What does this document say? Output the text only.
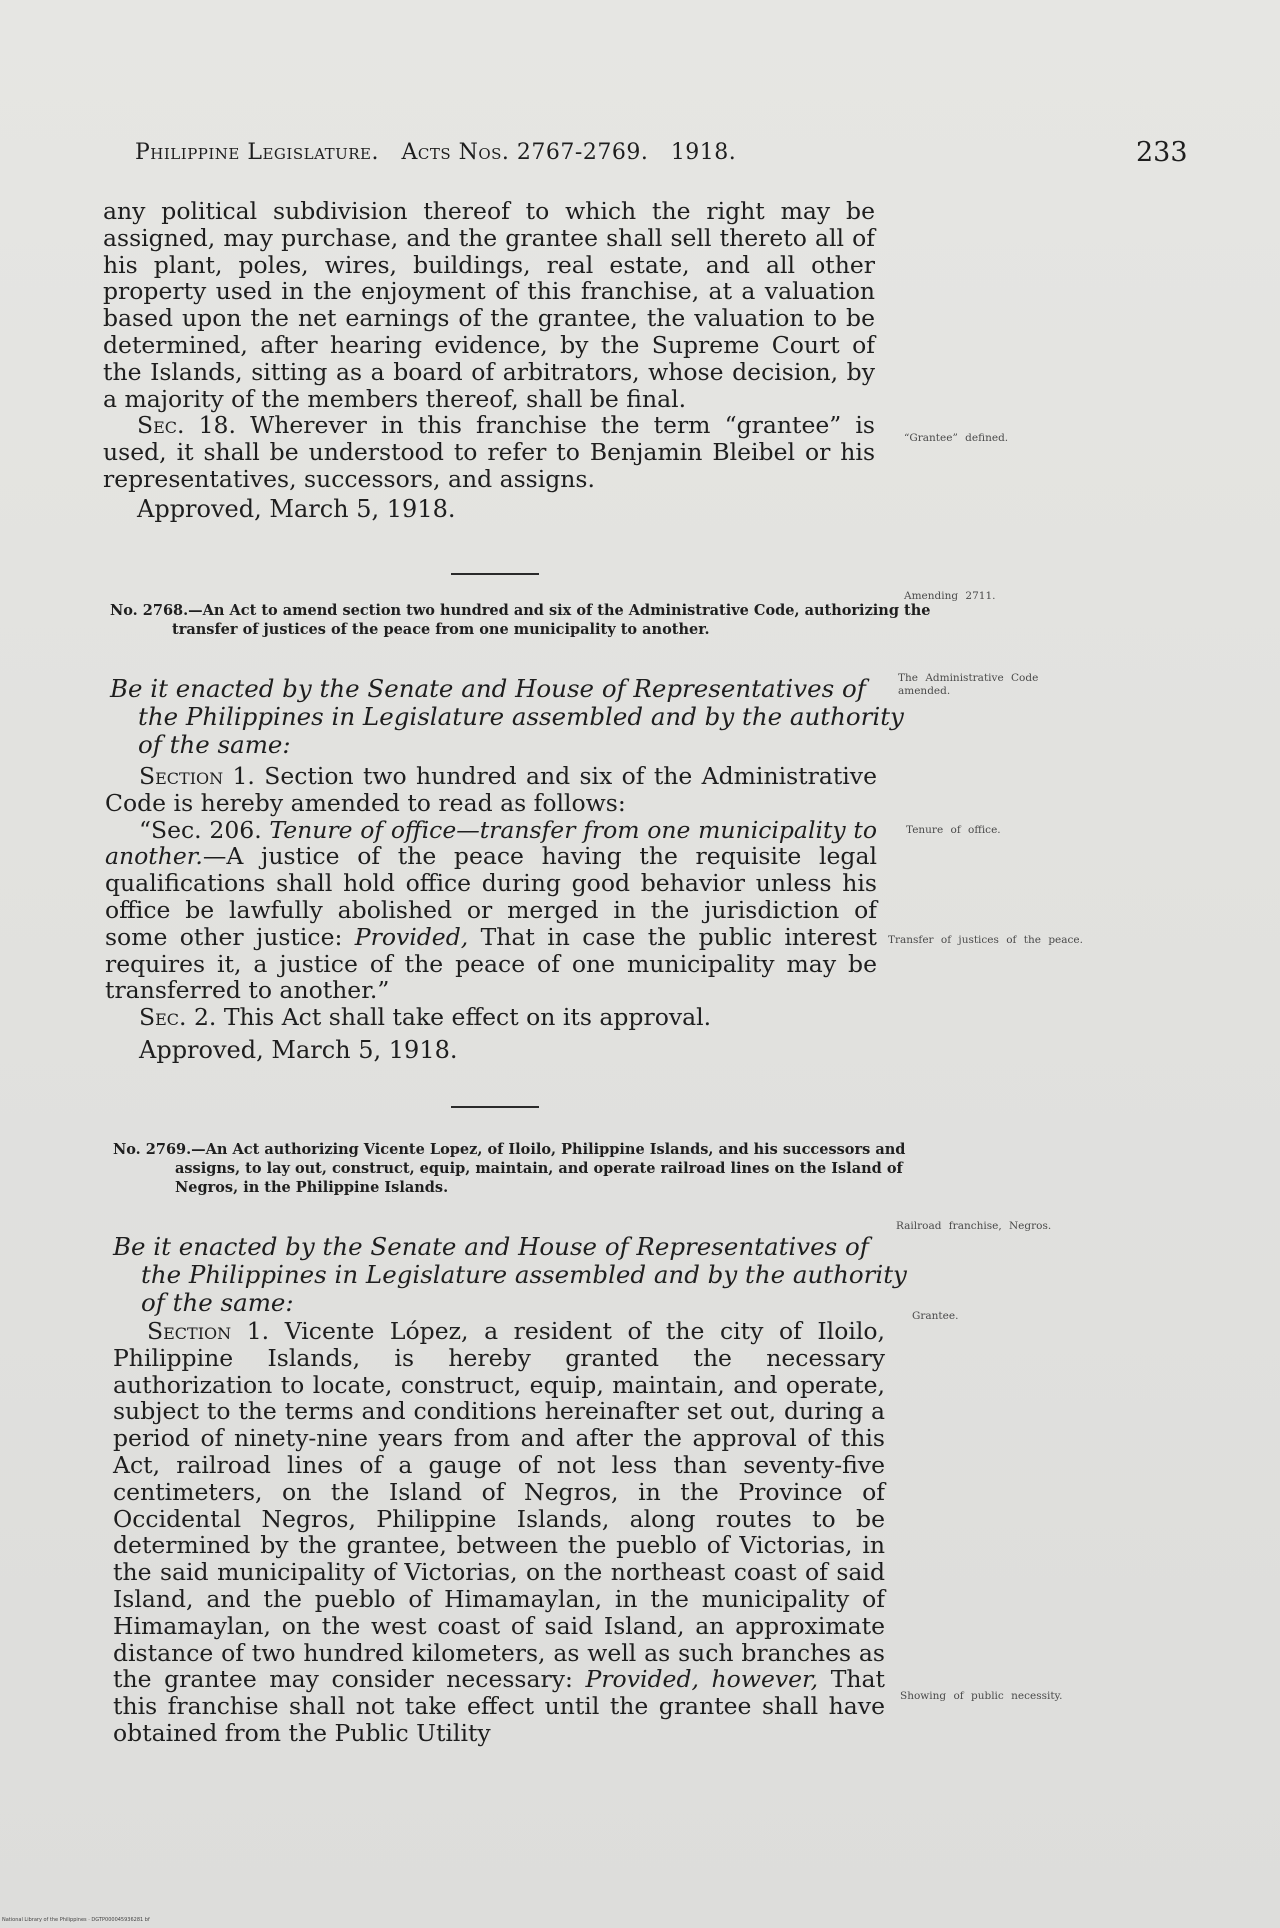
Philippine Legislature. Acts Nos. 2767-2769. 1918.	233

any political subdivision thereof to which the right may be assigned, may purchase, and the grantee shall sell thereto all of his plant, poles, wires, buildings, real estate, and all other property used in the enjoyment of this franchise, at a valuation based upon the net earnings of the grantee, the valuation to be determined, after hearing evidence, by the Supreme Court of the Islands, sitting as a board of arbitrators, whose decision, by a majority of the members thereof, shall be final.

Sec. 18. Wherever in this franchise the term “grantee” is used, it shall be understood to refer to Benjamin Bleibel or his representatives, successors, and assigns.

Approved, March 5, 1918.

No. 2768.—An Act to amend section two hundred and six of the Administrative Code, authorizing the transfer of justices of the peace from one municipality to another.
Be it enacted by the Senate and House of Representatives of the Philippines in Legislature assembled and by the authority of the same:

Section 1. Section two hundred and six of the Administrative Code is hereby amended to read as follows:

“Sec. 206. Tenure of office—transfer from one municipality to another.—A justice of the peace having the requisite legal qualifications shall hold office during good behavior unless his office be lawfully abolished or merged in the jurisdiction of some other justice: Provided, That in case the public interest requires it, a justice of the peace of one municipality may be transferred to another.”

Sec. 2. This Act shall take effect on its approval.

Approved, March 5, 1918.

No. 2769.—An Act authorizing Vicente Lopez, of Iloilo, Philippine Islands, and his successors and assigns, to lay out, construct, equip, maintain, and operate railroad lines on the Island of Negros, in the Philippine Islands.
Be it enacted by the Senate and House of Representatives of the Philippines in Legislature assembled and by the authority of the same:

Section 1. Vicente López, a resident of the city of Iloilo, Philippine Islands, is hereby granted the necessary authorization to locate, construct, equip, maintain, and operate, subject to the terms and conditions hereinafter set out, during a period of ninety-nine years from and after the approval of this Act, railroad lines of a gauge of not less than seventy-five centimeters, on the Island of Negros, in the Province of Occidental Negros, Philippine Islands, along routes to be determined by the grantee, between the pueblo of Victorias, in the said municipality of Victorias, on the northeast coast of said Island, and the pueblo of Himamaylan, in the municipality of Himamaylan, on the west coast of said Island, an approximate distance of two hundred kilometers, as well as such branches as the grantee may consider necessary: Provided, however, That this franchise shall not take effect until the grantee shall have obtained from the Public Utility

“Grantee” defined.
Amending 2711.
The Administrative Code amended.
Tenure of office.
Transfer of justices of the peace.
Railroad franchise, Negros.
Grantee.
Showing of public necessity.
National Library of the Philippines · DGTP000045936281 bf
